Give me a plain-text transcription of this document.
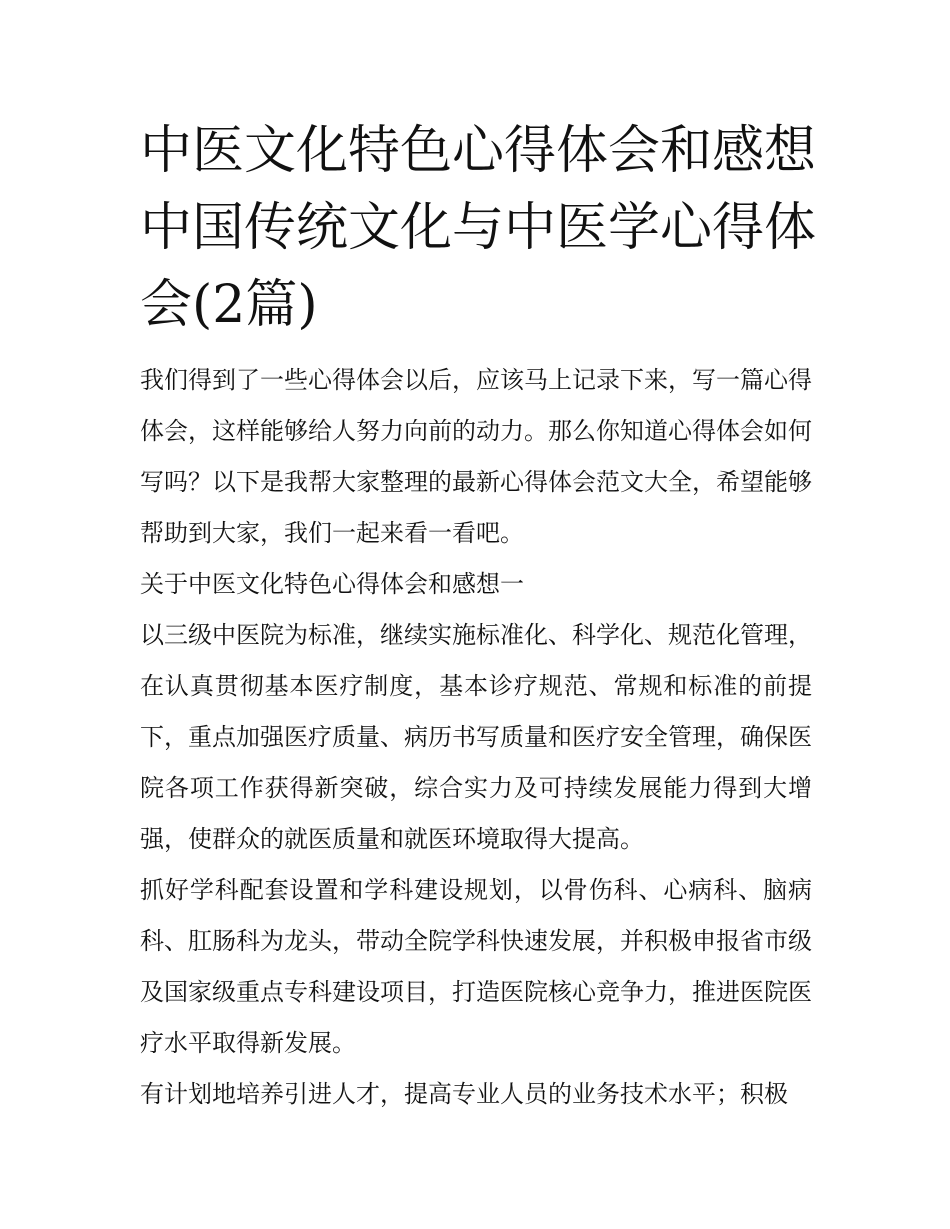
中医文化特色心得体会和感想中国传统文化与中医学心得体会(2篇)

我们得到了一些心得体会以后，应该马上记录下来，写一篇心得体会，这样能够给人努力向前的动力。那么你知道心得体会如何写吗？以下是我帮大家整理的最新心得体会范文大全，希望能够帮助到大家，我们一起来看一看吧。

关于中医文化特色心得体会和感想一

以三级中医院为标准，继续实施标准化、科学化、规范化管理，在认真贯彻基本医疗制度，基本诊疗规范、常规和标准的前提下，重点加强医疗质量、病历书写质量和医疗安全管理，确保医院各项工作获得新突破，综合实力及可持续发展能力得到大增强，使群众的就医质量和就医环境取得大提高。

抓好学科配套设置和学科建设规划，以骨伤科、心病科、脑病科、肛肠科为龙头，带动全院学科快速发展，并积极申报省市级及国家级重点专科建设项目，打造医院核心竞争力，推进医院医疗水平取得新发展。

有计划地培养引进人才，提高专业人员的业务技术水平；积极
